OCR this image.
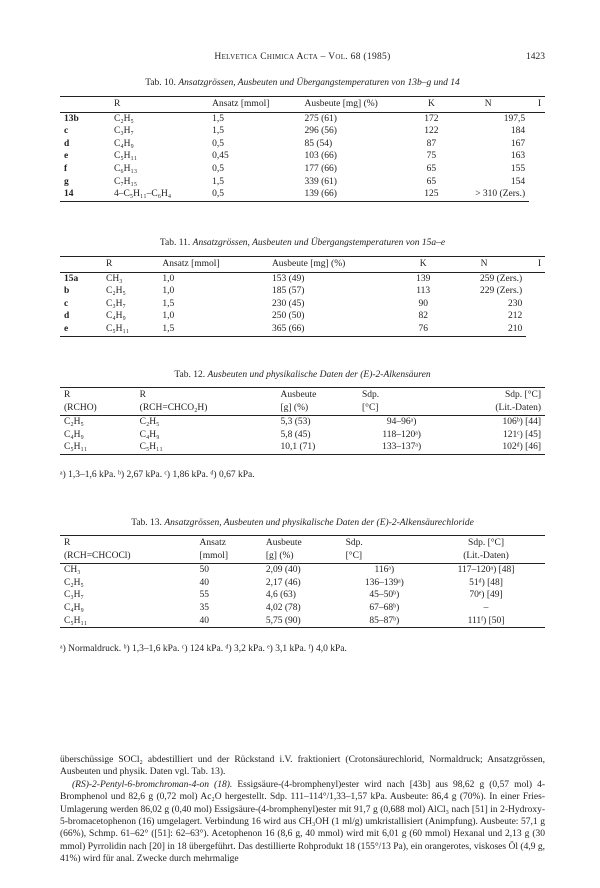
Helvetica Chimica Acta – Vol. 68 (1985)	1423
Tab. 10. Ansatzgrössen, Ausbeuten und Übergangstemperaturen von 13b–g und 14
	R	Ansatz [mmol]	Ausbeute [mg] (%)	K	N	I
13b	C₂H₅	1,5	275 (61)	172	197,5	
c	C₃H₇	1,5	296 (56)	122	184	
d	C₄H₉	0,5	85 (54)	87	167	
e	C₅H₁₁	0,45	103 (66)	75	163	
f	C₆H₁₃	0,5	177 (66)	65	155	
g	C₇H₁₅	1,5	339 (61)	65	154	
14	4–C₅H₁₁–C₆H₄	0,5	139 (66)	125	> 310 (Zers.)	
Tab. 11. Ansatzgrössen, Ausbeuten und Übergangstemperaturen von 15a–e
	R	Ansatz [mmol]	Ausbeute [mg] (%)	K	N	I
15a	CH₃	1,0	153 (49)	139	259 (Zers.)	
b	C₂H₅	1,0	185 (57)	113	229 (Zers.)	
c	C₃H₇	1,5	230 (45)	90	230	
d	C₄H₉	1,0	250 (50)	82	212	
e	C₅H₁₁	1,5	365 (66)	76	210	
Tab. 12. Ausbeuten und physikalische Daten der (E)-2-Alkensäuren
R	R	Ausbeute	Sdp.	Sdp. [°C]
(RCHO)	(RCH=CHCO₂H)	[g] (%)	[°C]	(Lit.-Daten)
C₂H₅	C₂H₅	5,3 (53)	94–96ᵃ)	106ᵇ) [44]
C₄H₉	C₄H₉	5,8 (45)	118–120ᵃ)	121ᶜ) [45]
C₅H₁₁	C₅H₁₁	10,1 (71)	133–137ᵃ)	102ᵈ) [46]
ᵃ) 1,3–1,6 kPa. ᵇ) 2,67 kPa. ᶜ) 1,86 kPa. ᵈ) 0,67 kPa.
Tab. 13. Ansatzgrössen, Ausbeuten und physikalische Daten der (E)-2-Alkensäurechloride
R	Ansatz	Ausbeute	Sdp.	Sdp. [°C]
(RCH=CHCOCl)	[mmol]	[g] (%)	[°C]	(Lit.-Daten)
CH₃	50	2,09 (40)	116ᵃ)	117–120ᵃ) [48]
C₂H₅	40	2,17 (46)	136–139ᵃ)	51ᵈ) [48]
C₃H₇	55	4,6 (63)	45–50ᵇ)	70ᵉ) [49]
C₄H₉	35	4,02 (78)	67–68ᵇ)	–
C₅H₁₁	40	5,75 (90)	85–87ᵇ)	111ᶠ) [50]
ᵃ) Normaldruck. ᵇ) 1,3–1,6 kPa. ᶜ) 124 kPa. ᵈ) 3,2 kPa. ᵉ) 3,1 kPa. ᶠ) 4,0 kPa.
überschüssige SOCl₂ abdestilliert und der Rückstand i.V. fraktioniert (Crotonsäurechlorid, Normaldruck; Ansatzgrössen, Ausbeuten und physik. Daten vgl. Tab. 13).
(RS)-2-Pentyl-6-bromchroman-4-on (18). Essigsäure-(4-bromphenyl)ester wird nach [43b] aus 98,62 g (0,57 mol) 4-Bromphenol und 82,6 g (0,72 mol) Ac₂O hergestellt. Sdp. 111–114°/1,33–1,57 kPa. Ausbeute: 86,4 g (70%). In einer Fries-Umlagerung werden 86,02 g (0,40 mol) Essigsäure-(4-bromphenyl)ester mit 91,7 g (0,688 mol) AlCl₃ nach [51] in 2-Hydroxy-5-bromacetophenon (16) umgelagert. Verbindung 16 wird aus CH₃OH (1 ml/g) umkristallisiert (Animpfung). Ausbeute: 57,1 g (66%), Schmp. 61–62° ([51]: 62–63°). Acetophenon 16 (8,6 g, 40 mmol) wird mit 6,01 g (60 mmol) Hexanal und 2,13 g (30 mmol) Pyrrolidin nach [20] in 18 übergeführt. Das destillierte Rohprodukt 18 (155°/13 Pa), ein orangerotes, viskoses Öl (4,9 g, 41%) wird für anal. Zwecke durch mehrmalige
